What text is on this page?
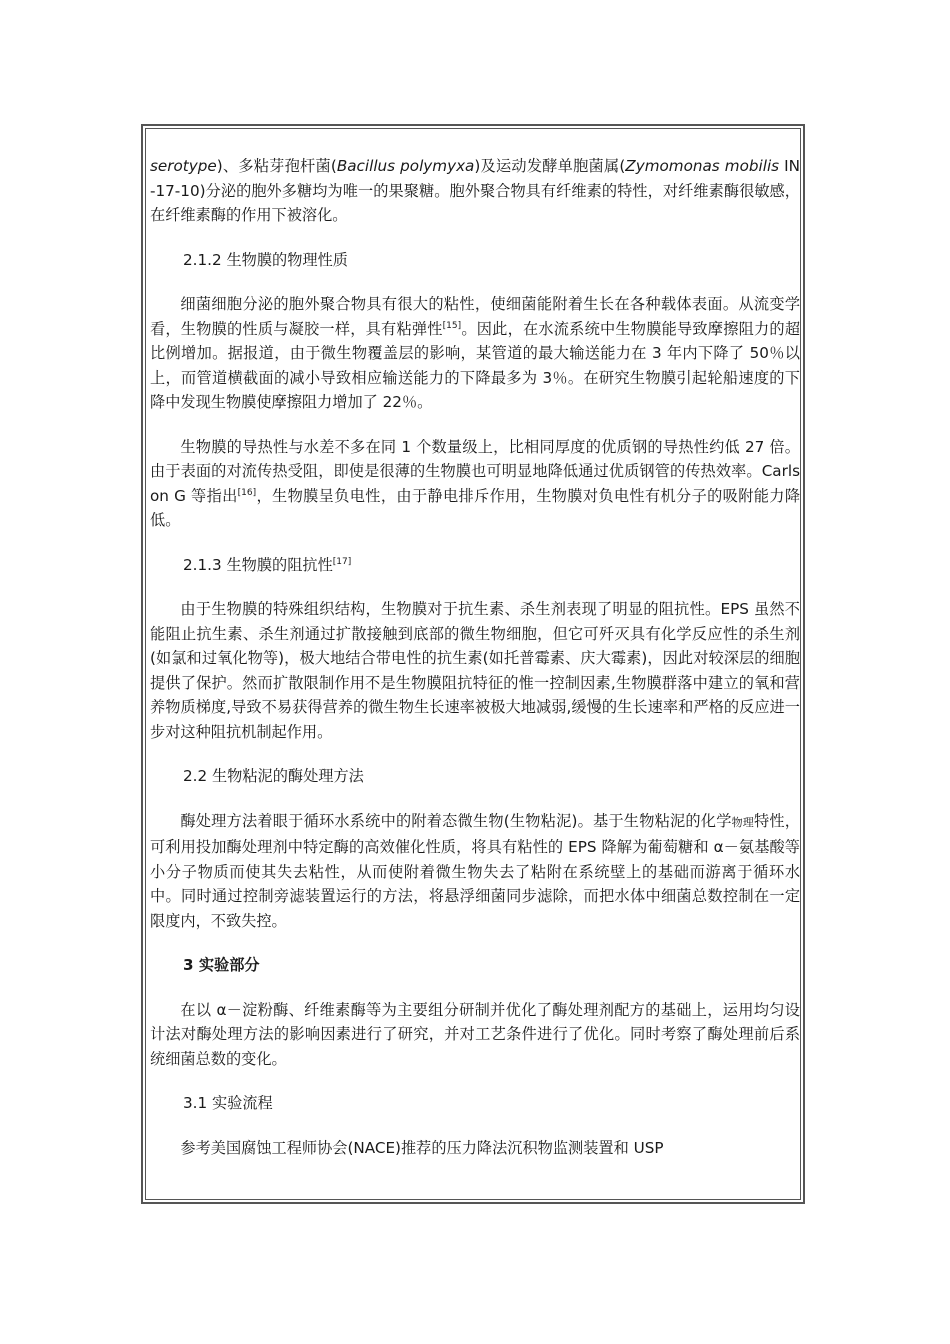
serotype)、多粘芽孢杆菌(Bacillus polymyxa)及运动发酵单胞菌属(Zymomonas mobilis IN-17-10)分泌的胞外多糖均为唯一的果聚糖。胞外聚合物具有纤维素的特性，对纤维素酶很敏感，在纤维素酶的作用下被溶化。

2.1.2 生物膜的物理性质

细菌细胞分泌的胞外聚合物具有很大的粘性，使细菌能附着生长在各种载体表面。从流变学看，生物膜的性质与凝胶一样，具有粘弹性[15]。因此，在水流系统中生物膜能导致摩擦阻力的超比例增加。据报道，由于微生物覆盖层的影响，某管道的最大输送能力在 3 年内下降了 50％以上，而管道横截面的减小导致相应输送能力的下降最多为 3％。在研究生物膜引起轮船速度的下降中发现生物膜使摩擦阻力增加了 22％。

生物膜的导热性与水差不多在同 1 个数量级上，比相同厚度的优质钢的导热性约低 27 倍。由于表面的对流传热受阻，即使是很薄的生物膜也可明显地降低通过优质钢管的传热效率。Carlson G 等指出[16]，生物膜呈负电性，由于静电排斥作用，生物膜对负电性有机分子的吸附能力降低。

2.1.3 生物膜的阻抗性[17]

由于生物膜的特殊组织结构，生物膜对于抗生素、杀生剂表现了明显的阻抗性。EPS 虽然不能阻止抗生素、杀生剂通过扩散接触到底部的微生物细胞，但它可歼灭具有化学反应性的杀生剂(如氯和过氧化物等)，极大地结合带电性的抗生素(如托普霉素、庆大霉素)，因此对较深层的细胞提供了保护。然而扩散限制作用不是生物膜阻抗特征的惟一控制因素,生物膜群落中建立的氧和营养物质梯度,导致不易获得营养的微生物生长速率被极大地减弱,缓慢的生长速率和严格的反应进一步对这种阻抗机制起作用。

2.2 生物粘泥的酶处理方法

酶处理方法着眼于循环水系统中的附着态微生物(生物粘泥)。基于生物粘泥的化学物理特性，可利用投加酶处理剂中特定酶的高效催化性质，将具有粘性的 EPS 降解为葡萄糖和 α－氨基酸等小分子物质而使其失去粘性，从而使附着微生物失去了粘附在系统壁上的基础而游离于循环水中。同时通过控制旁滤装置运行的方法，将悬浮细菌同步滤除，而把水体中细菌总数控制在一定限度内，不致失控。

3 实验部分

在以 α－淀粉酶、纤维素酶等为主要组分研制并优化了酶处理剂配方的基础上，运用均匀设计法对酶处理方法的影响因素进行了研究，并对工艺条件进行了优化。同时考察了酶处理前后系统细菌总数的变化。

3.1 实验流程

参考美国腐蚀工程师协会(NACE)推荐的压力降法沉积物监测装置和 USP
